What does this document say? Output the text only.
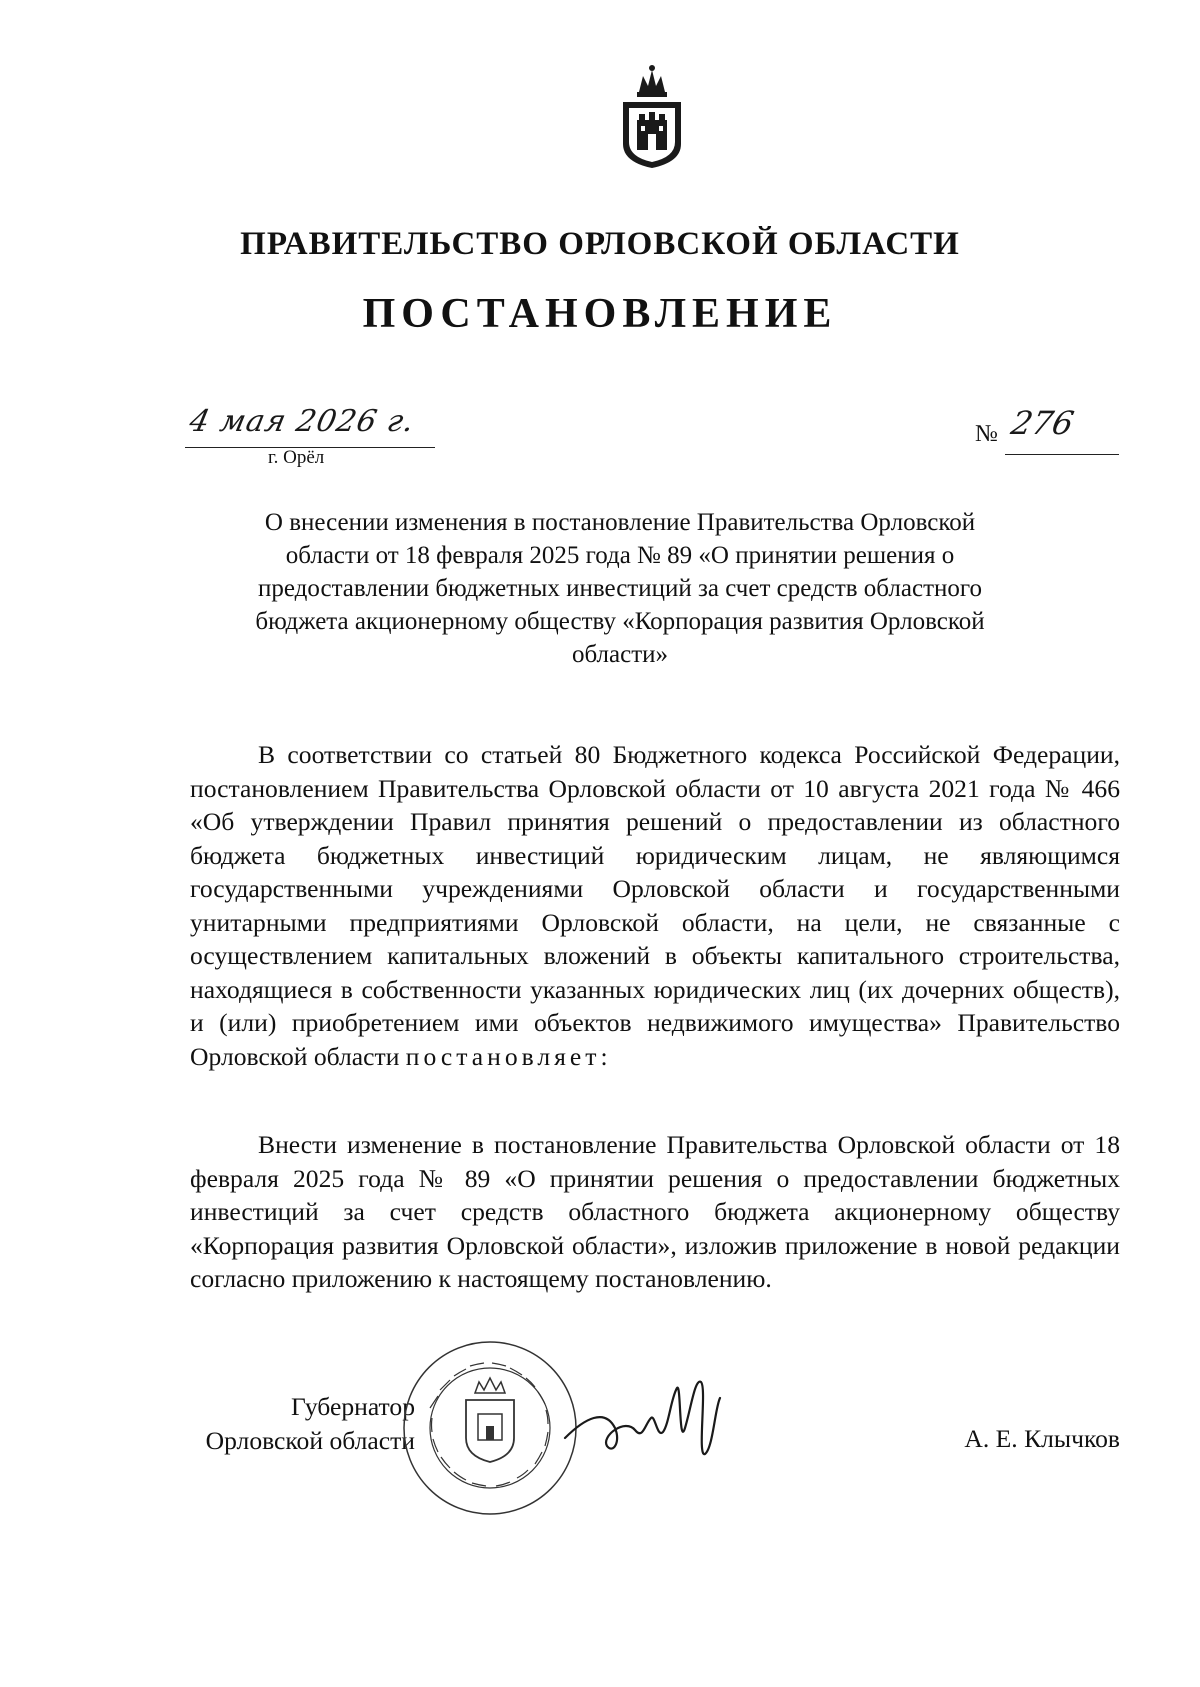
ПРАВИТЕЛЬСТВО ОРЛОВСКОЙ ОБЛАСТИ
ПОСТАНОВЛЕНИЕ
4 мая 2026 г.
г. Орёл
№ 276
О внесении изменения в постановление Правительства Орловской области от 18 февраля 2025 года № 89 «О принятии решения о предоставлении бюджетных инвестиций за счет средств областного бюджета акционерному обществу «Корпорация развития Орловской области»
В соответствии со статьей 80 Бюджетного кодекса Российской Федерации, постановлением Правительства Орловской области от 10 августа 2021 года № 466 «Об утверждении Правил принятия решений о предоставлении из областного бюджета бюджетных инвестиций юридическим лицам, не являющимся государственными учреждениями Орловской области и государственными унитарными предприятиями Орловской области, на цели, не связанные с осуществлением капитальных вложений в объекты капитального строительства, находящиеся в собственности указанных юридических лиц (их дочерних обществ), и (или) приобретением ими объектов недвижимого имущества» Правительство Орловской области постановляет:
Внести изменение в постановление Правительства Орловской области от 18 февраля 2025 года № 89 «О принятии решения о предоставлении бюджетных инвестиций за счет средств областного бюджета акционерному обществу «Корпорация развития Орловской области», изложив приложение в новой редакции согласно приложению к настоящему постановлению.
Губернатор
Орловской области	А. Е. Клычков
